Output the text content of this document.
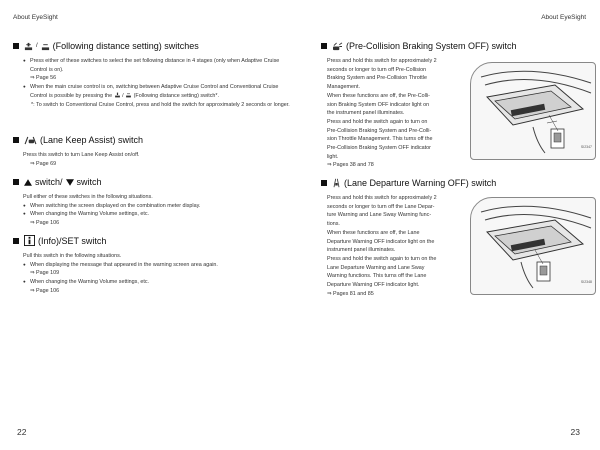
About EyeSight
/ (Following distance setting) switches

● Press either of these switches to select the set following distance in 4 stages (only when Adaptive Cruise Control is on).

⇒ Page 56

● When the main cruise control is on, switching between Adaptive Cruise Control and Conventional Cruise Control is possible by pressing the / (Following distance setting) switch*.

*: To switch to Conventional Cruise Control, press and hold the switch for approximately 2 seconds or longer.

(Lane Keep Assist) switch

Press this switch to turn Lane Keep Assist on/off.

⇒ Page 69

switch/ switch

Pull either of these switches in the following situations.

● When switching the screen displayed on the combination meter display.

● When changing the Warning Volume settings, etc.

⇒ Page 106

(Info)/SET switch

Pull this switch in the following situations.

● When displaying the message that appeared in the warning screen area again.

⇒ Page 109

● When changing the Warning Volume settings, etc.

⇒ Page 106

22
About EyeSight
(Pre-Collision Braking System OFF) switch

Press and hold this switch for approximately 2

seconds or longer to turn off Pre-Collision

Braking System and Pre-Collision Throttle

Management.

When these functions are off, the Pre-Colli-

sion Braking System OFF indicator light on

the instrument panel illuminates.

Press and hold the switch again to turn on

Pre-Collision Braking System and Pre-Colli-

sion Throttle Management. This turns off the

Pre-Collision Braking System OFF indicator

light.

⇒ Pages 38 and 78

SI2347
(Lane Departure Warning OFF) switch

Press and hold this switch for approximately 2

seconds or longer to turn off the Lane Depar-

ture Warning and Lane Sway Warning func-

tions.

When these functions are off, the Lane

Departure Warning OFF indicator light on the

instrument panel illuminates.

Press and hold the switch again to turn on the

Lane Departure Warning and Lane Sway

Warning functions. This turns off the Lane

Departure Warning OFF indicator light.

⇒ Pages 81 and 85

SI2348
23
